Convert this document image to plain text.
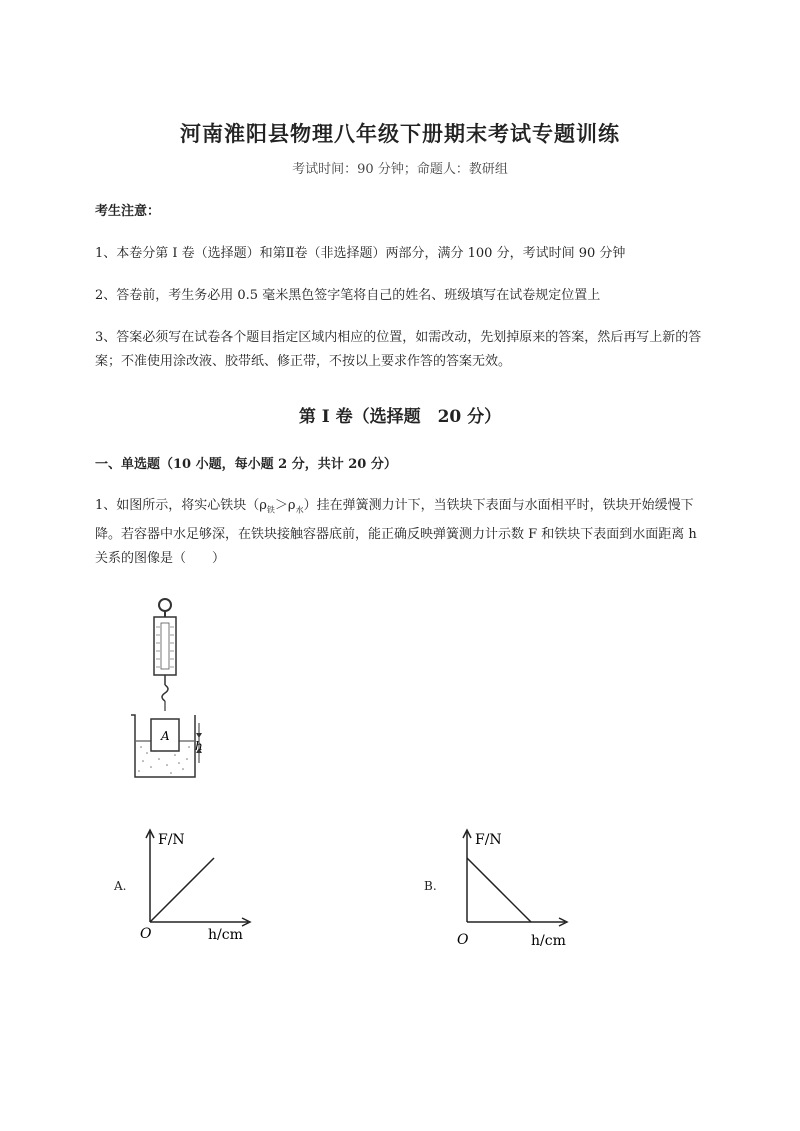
河南淮阳县物理八年级下册期末考试专题训练
考试时间：90 分钟；命题人：教研组
考生注意：
1、本卷分第 I 卷（选择题）和第Ⅱ卷（非选择题）两部分，满分 100 分，考试时间 90 分钟
2、答卷前，考生务必用 0.5 毫米黑色签字笔将自己的姓名、班级填写在试卷规定位置上
3、答案必须写在试卷各个题目指定区域内相应的位置，如需改动，先划掉原来的答案，然后再写上新的答案；不准使用涂改液、胶带纸、修正带，不按以上要求作答的答案无效。
第 I 卷（选择题　20 分）
一、单选题（10 小题，每小题 2 分，共计 20 分）
1、如图所示，将实心铁块$(\rho_铁>\rho_水)$挂在弹簧测力计下，当铁块下表面与水面相平时，铁块开始缓慢下降。若容器中水足够深，在铁块接触容器底前，能正确反映弹簧测力计示数 F 和铁块下表面到水面距离 h 关系的图像是（　　）
A
h
A.
F/N
h/cm
O
B.
F/N
h/cm
O
